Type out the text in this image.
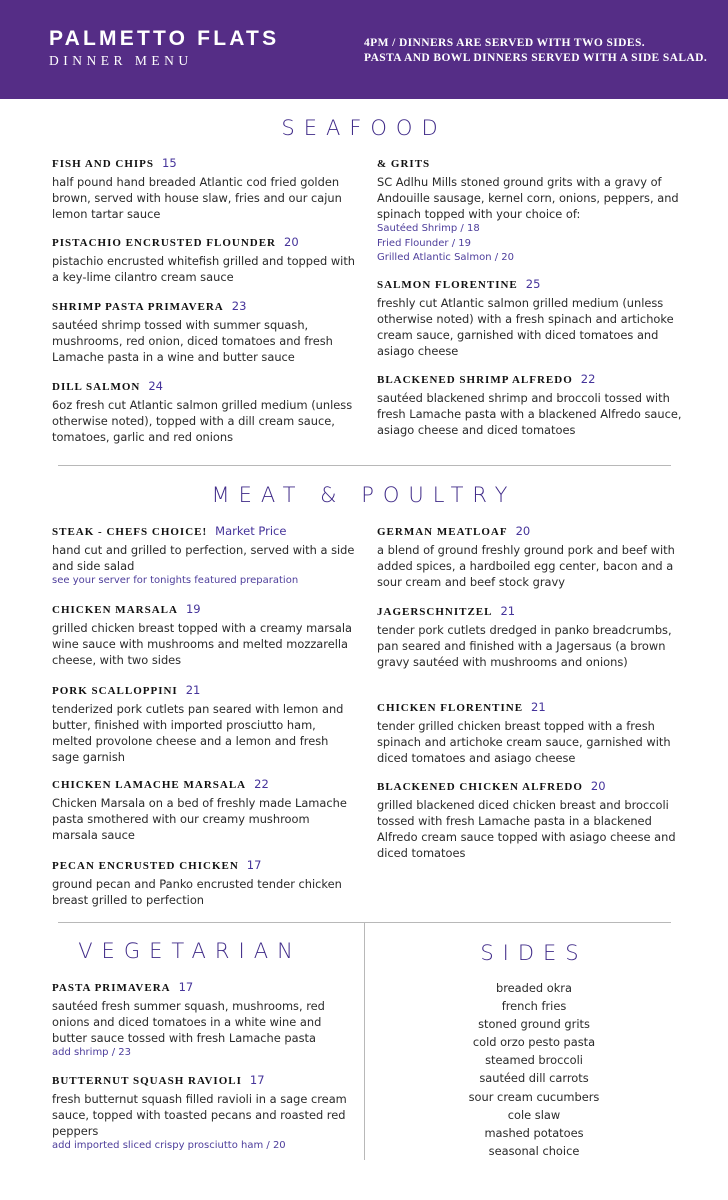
PALMETTO FLATS
DINNER MENU
4PM / DINNERS ARE SERVED WITH TWO SIDES.
PASTA AND BOWL DINNERS SERVED WITH A SIDE SALAD.
SEAFOOD
FISH AND CHIPS 15

half pound hand breaded Atlantic cod fried golden brown, served with house slaw, fries and our cajun lemon tartar sauce

PISTACHIO ENCRUSTED FLOUNDER 20

pistachio encrusted whitefish grilled and topped with a key-lime cilantro cream sauce

SHRIMP PASTA PRIMAVERA 23

sautéed shrimp tossed with summer squash, mushrooms, red onion, diced tomatoes and fresh Lamache pasta in a wine and butter sauce

DILL SALMON 24

6oz fresh cut Atlantic salmon grilled medium (unless otherwise noted), topped with a dill cream sauce, tomatoes, garlic and red onions

& GRITS

SC Adlhu Mills stoned ground grits with a gravy of Andouille sausage, kernel corn, onions, peppers, and spinach topped with your choice of:

Sautéed Shrimp / 18
Fried Flounder / 19
Grilled Atlantic Salmon / 20
SALMON FLORENTINE 25

freshly cut Atlantic salmon grilled medium (unless otherwise noted) with a fresh spinach and artichoke cream sauce, garnished with diced tomatoes and asiago cheese

BLACKENED SHRIMP ALFREDO 22

sautéed blackened shrimp and broccoli tossed with fresh Lamache pasta with a blackened Alfredo sauce, asiago cheese and diced tomatoes

MEAT & POULTRY
STEAK - CHEFS CHOICE! Market Price

hand cut and grilled to perfection, served with a side and side salad

see your server for tonights featured preparation
CHICKEN MARSALA 19

grilled chicken breast topped with a creamy marsala wine sauce with mushrooms and melted mozzarella cheese, with two sides

PORK SCALLOPPINI 21

tenderized pork cutlets pan seared with lemon and butter, finished with imported prosciutto ham, melted provolone cheese and a lemon and fresh sage garnish

CHICKEN LAMACHE MARSALA 22

Chicken Marsala on a bed of freshly made Lamache pasta smothered with our creamy mushroom marsala sauce

PECAN ENCRUSTED CHICKEN 17

ground pecan and Panko encrusted tender chicken breast grilled to perfection

GERMAN MEATLOAF 20

a blend of ground freshly ground pork and beef with added spices, a hardboiled egg center, bacon and a sour cream and beef stock gravy

JAGERSCHNITZEL 21

tender pork cutlets dredged in panko breadcrumbs, pan seared and finished with a Jagersaus (a brown gravy sautéed with mushrooms and onions)

CHICKEN FLORENTINE 21

tender grilled chicken breast topped with a fresh spinach and artichoke cream sauce, garnished with diced tomatoes and asiago cheese

BLACKENED CHICKEN ALFREDO 20

grilled blackened diced chicken breast and broccoli tossed with fresh Lamache pasta in a blackened Alfredo cream sauce topped with asiago cheese and diced tomatoes

VEGETARIAN
PASTA PRIMAVERA 17

sautéed fresh summer squash, mushrooms, red onions and diced tomatoes in a white wine and butter sauce tossed with fresh Lamache pasta

add shrimp / 23
BUTTERNUT SQUASH RAVIOLI 17

fresh butternut squash filled ravioli in a sage cream sauce, topped with toasted pecans and roasted red peppers

add imported sliced crispy prosciutto ham / 20
SIDES
breaded okra
french fries
stoned ground grits
cold orzo pesto pasta
steamed broccoli
sautéed dill carrots
sour cream cucumbers
cole slaw
mashed potatoes
seasonal choice
